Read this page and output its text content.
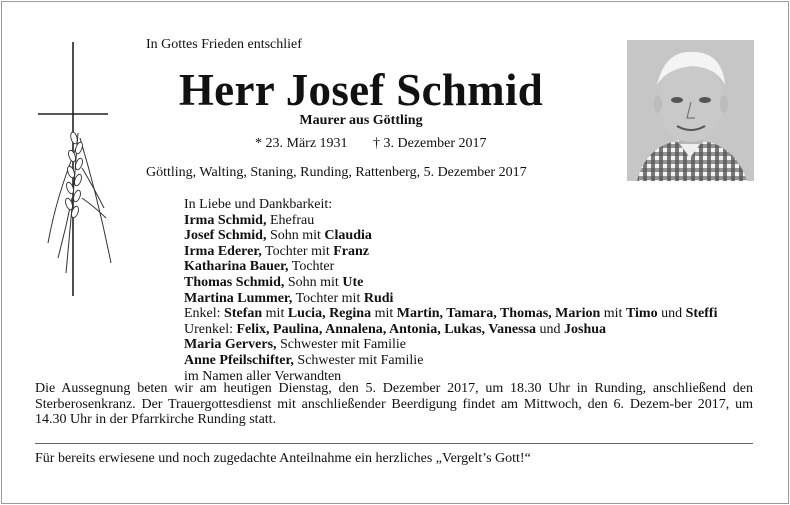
In Gottes Frieden entschlief
Herr Josef Schmid
Maurer aus Göttling
* 23. März 1931 † 3. Dezember 2017
Göttling, Walting, Staning, Runding, Rattenberg, 5. Dezember 2017
In Liebe und Dankbarkeit:
Irma Schmid, Ehefrau
Josef Schmid, Sohn mit Claudia
Irma Ederer, Tochter mit Franz
Katharina Bauer, Tochter
Thomas Schmid, Sohn mit Ute
Martina Lummer, Tochter mit Rudi
Enkel: Stefan mit Lucia, Regina mit Martin, Tamara, Thomas, Marion mit Timo und Steffi
Urenkel: Felix, Paulina, Annalena, Antonia, Lukas, Vanessa und Joshua
Maria Gervers, Schwester mit Familie
Anne Pfeilschifter, Schwester mit Familie
im Namen aller Verwandten
Die Aussegnung beten wir am heutigen Dienstag, den 5. Dezember 2017, um 18.30 Uhr in Runding, anschließend den Sterberosenkranz. Der Trauergottesdienst mit anschließender Beerdigung findet am Mittwoch, den 6. Dezem-ber 2017, um 14.30 Uhr in der Pfarrkirche Runding statt.
Für bereits erwiesene und noch zugedachte Anteilnahme ein herzliches „Vergelt’s Gott!“
